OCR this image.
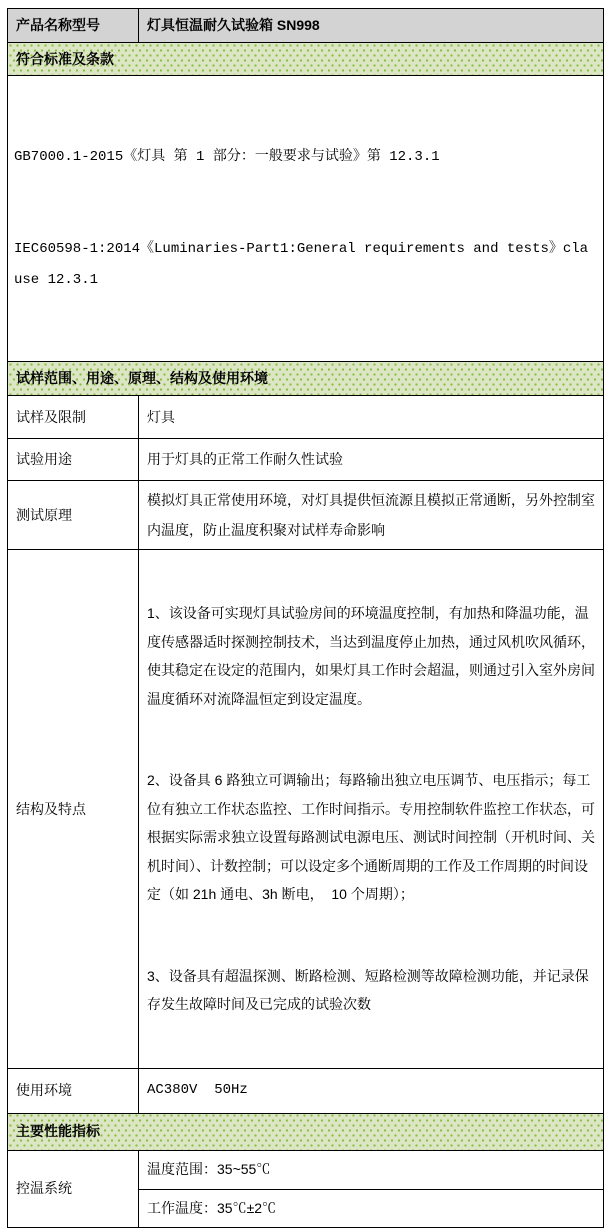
产品名称型号	灯具恒温耐久试验箱 SN998
符合标准及条款	

GB7000.1-2015《灯具 第 1 部分：一般要求与试验》第 12.3.1

IEC60598-1:2014《Luminaries-Part1:General requirements and tests》clause 12.3.1	

试样范围、用途、原理、结构及使用环境	
试样及限制	灯具
试验用途	用于灯具的正常工作耐久性试验
测试原理	模拟灯具正常使用环境，对灯具提供恒流源且模拟正常通断，另外控制室内温度，防止温度积聚对试样寿命影响
结构及特点	1、该设备可实现灯具试验房间的环境温度控制，有加热和降温功能，温度传感器适时探测控制技术，当达到温度停止加热，通过风机吹风循环，使其稳定在设定的范围内，如果灯具工作时会超温，则通过引入室外房间温度循环对流降温恒定到设定温度。

2、设备具 6 路独立可调输出；每路输出独立电压调节、电压指示；每工位有独立工作状态监控、工作时间指示。专用控制软件监控工作状态，可根据实际需求独立设置每路测试电源电压、测试时间控制（开机时间、关机时间）、计数控制；可以设定多个通断周期的工作及工作周期的时间设定（如 21h 通电、3h 断电，  10 个周期）；

3、设备具有超温探测、断路检测、短路检测等故障检测功能，并记录保存发生故障时间及已完成的试验次数

使用环境	AC380V  50Hz
主要性能指标	
控温系统	温度范围：35~55℃
	工作温度：35℃±2℃
